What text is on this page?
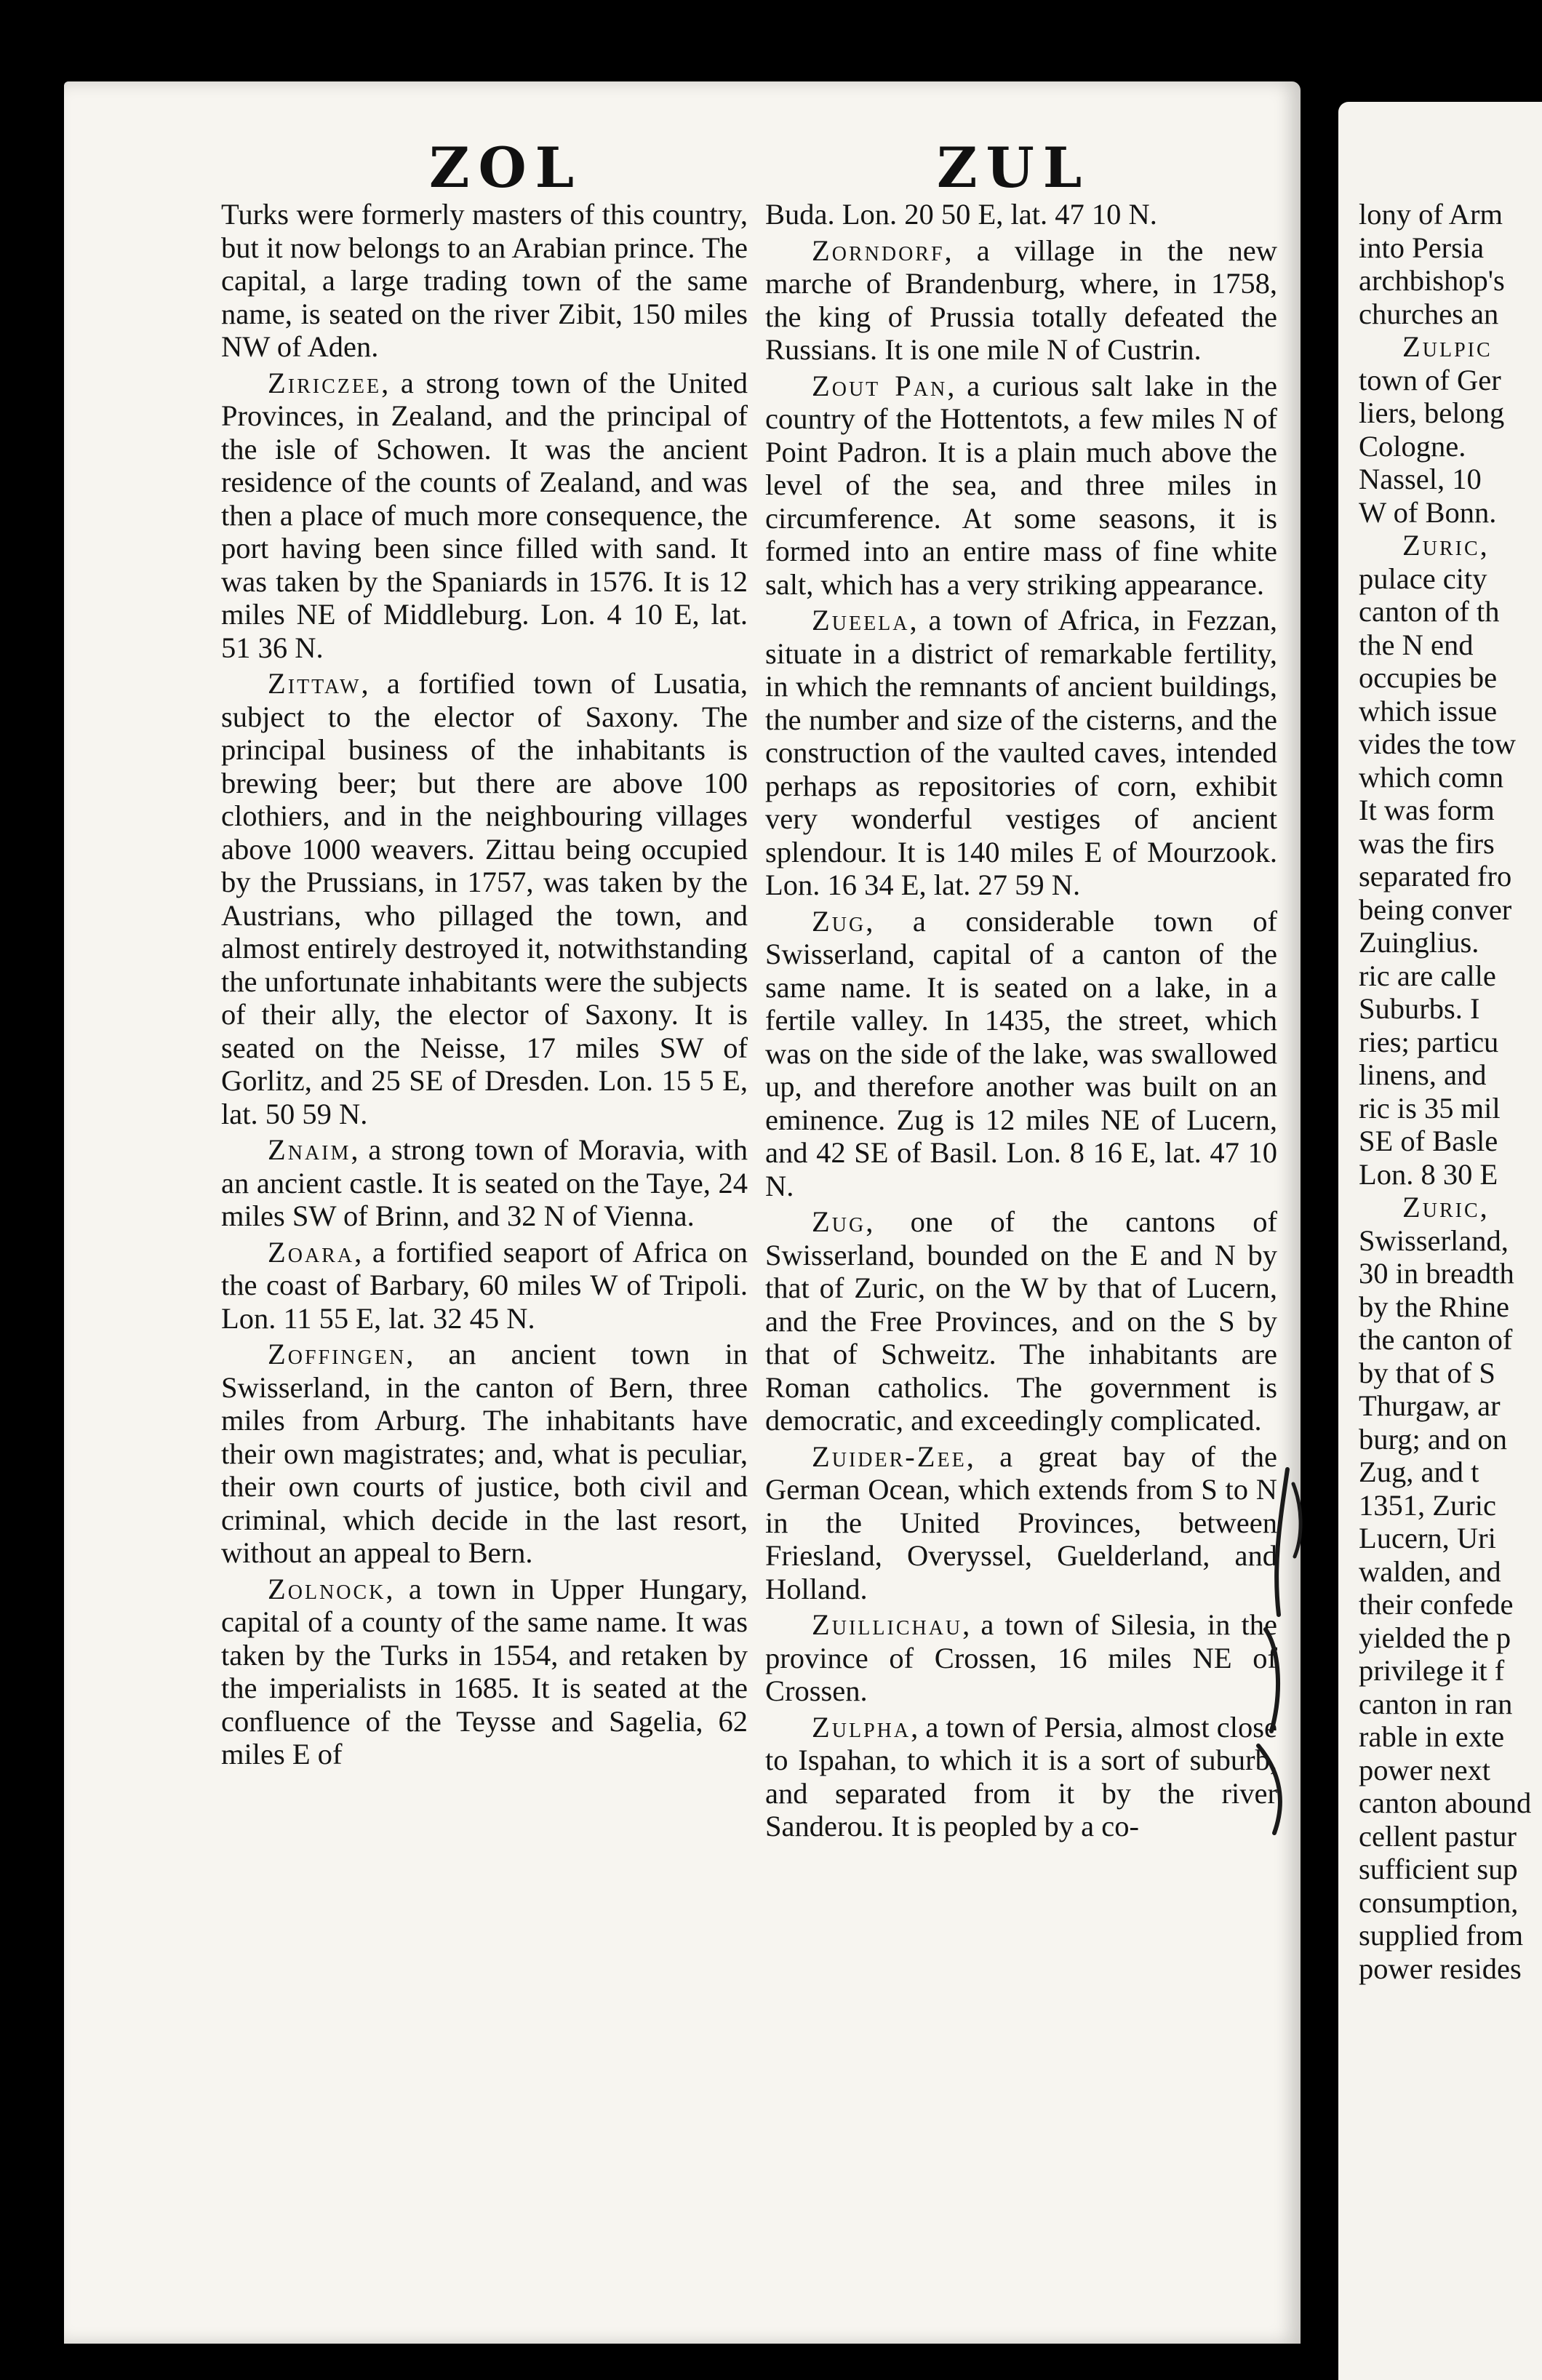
ZOL	ZUL

Turks were formerly masters of this country, but it now belongs to an Arabian prince. The capital, a large trading town of the same name, is seated on the river Zibit, 150 miles NW of Aden.

Ziriczee, a strong town of the United Provinces, in Zealand, and the principal of the isle of Schowen. It was the ancient residence of the counts of Zealand, and was then a place of much more consequence, the port having been since filled with sand. It was taken by the Spaniards in 1576. It is 12 miles NE of Middleburg. Lon. 4 10 E, lat. 51 36 N.

Zittaw, a fortified town of Lusatia, subject to the elector of Saxony. The principal business of the inhabitants is brewing beer; but there are above 100 clothiers, and in the neighbouring villages above 1000 weavers. Zittau being occupied by the Prussians, in 1757, was taken by the Austrians, who pillaged the town, and almost entirely destroyed it, notwithstanding the unfortunate inhabitants were the subjects of their ally, the elector of Saxony. It is seated on the Neisse, 17 miles SW of Gorlitz, and 25 SE of Dresden. Lon. 15 5 E, lat. 50 59 N.

Znaim, a strong town of Moravia, with an ancient castle. It is seated on the Taye, 24 miles SW of Brinn, and 32 N of Vienna.

Zoara, a fortified seaport of Africa on the coast of Barbary, 60 miles W of Tripoli. Lon. 11 55 E, lat. 32 45 N.

Zoffingen, an ancient town in Swisserland, in the canton of Bern, three miles from Arburg. The inhabitants have their own magistrates; and, what is peculiar, their own courts of justice, both civil and criminal, which decide in the last resort, without an appeal to Bern.

Zolnock, a town in Upper Hungary, capital of a county of the same name. It was taken by the Turks in 1554, and retaken by the imperialists in 1685. It is seated at the confluence of the Teysse and Sagelia, 62 miles E of

Buda. Lon. 20 50 E, lat. 47 10 N.

Zorndorf, a village in the new marche of Brandenburg, where, in 1758, the king of Prussia totally defeated the Russians. It is one mile N of Custrin.

Zout Pan, a curious salt lake in the country of the Hottentots, a few miles N of Point Padron. It is a plain much above the level of the sea, and three miles in circumference. At some seasons, it is formed into an entire mass of fine white salt, which has a very striking appearance.

Zueela, a town of Africa, in Fezzan, situate in a district of remarkable fertility, in which the remnants of ancient buildings, the number and size of the cisterns, and the construction of the vaulted caves, intended perhaps as repositories of corn, exhibit very wonderful vestiges of ancient splendour. It is 140 miles E of Mourzook. Lon. 16 34 E, lat. 27 59 N.

Zug, a considerable town of Swisserland, capital of a canton of the same name. It is seated on a lake, in a fertile valley. In 1435, the street, which was on the side of the lake, was swallowed up, and therefore another was built on an eminence. Zug is 12 miles NE of Lucern, and 42 SE of Basil. Lon. 8 16 E, lat. 47 10 N.

Zug, one of the cantons of Swisserland, bounded on the E and N by that of Zuric, on the W by that of Lucern, and the Free Provinces, and on the S by that of Schweitz. The inhabitants are Roman catholics. The government is democratic, and exceedingly complicated.

Zuider-Zee, a great bay of the German Ocean, which extends from S to N in the United Provinces, between Friesland, Overyssel, Guelderland, and Holland.

Zuillichau, a town of Silesia, in the province of Crossen, 16 miles NE of Crossen.

Zulpha, a town of Persia, almost close to Ispahan, to which it is a sort of suburb, and separated from it by the river Sanderou. It is peopled by a co-

lony of Arm
into Persia
archbishop's
churches an
Zulpic
town of Ger
liers, belong
Cologne.
Nassel, 10
W of Bonn.
Zuric,
pulace city
canton of th
the N end
occupies be
which issue
vides the tow
which comn
It was form
was the firs
separated fro
being conver
Zuinglius.
ric are calle
Suburbs. I
ries; particu
linens, and
ric is 35 mil
SE of Basle
Lon. 8 30 E
Zuric,
Swisserland,
30 in breadth
by the Rhine
the canton of
by that of S
Thurgaw, ar
burg; and on
Zug, and t
1351, Zuric
Lucern, Uri
walden, and
their confede
yielded the p
privilege it f
canton in ran
rable in exte
power next
canton abound
cellent pastur
sufficient sup
consumption,
supplied from
power resides
